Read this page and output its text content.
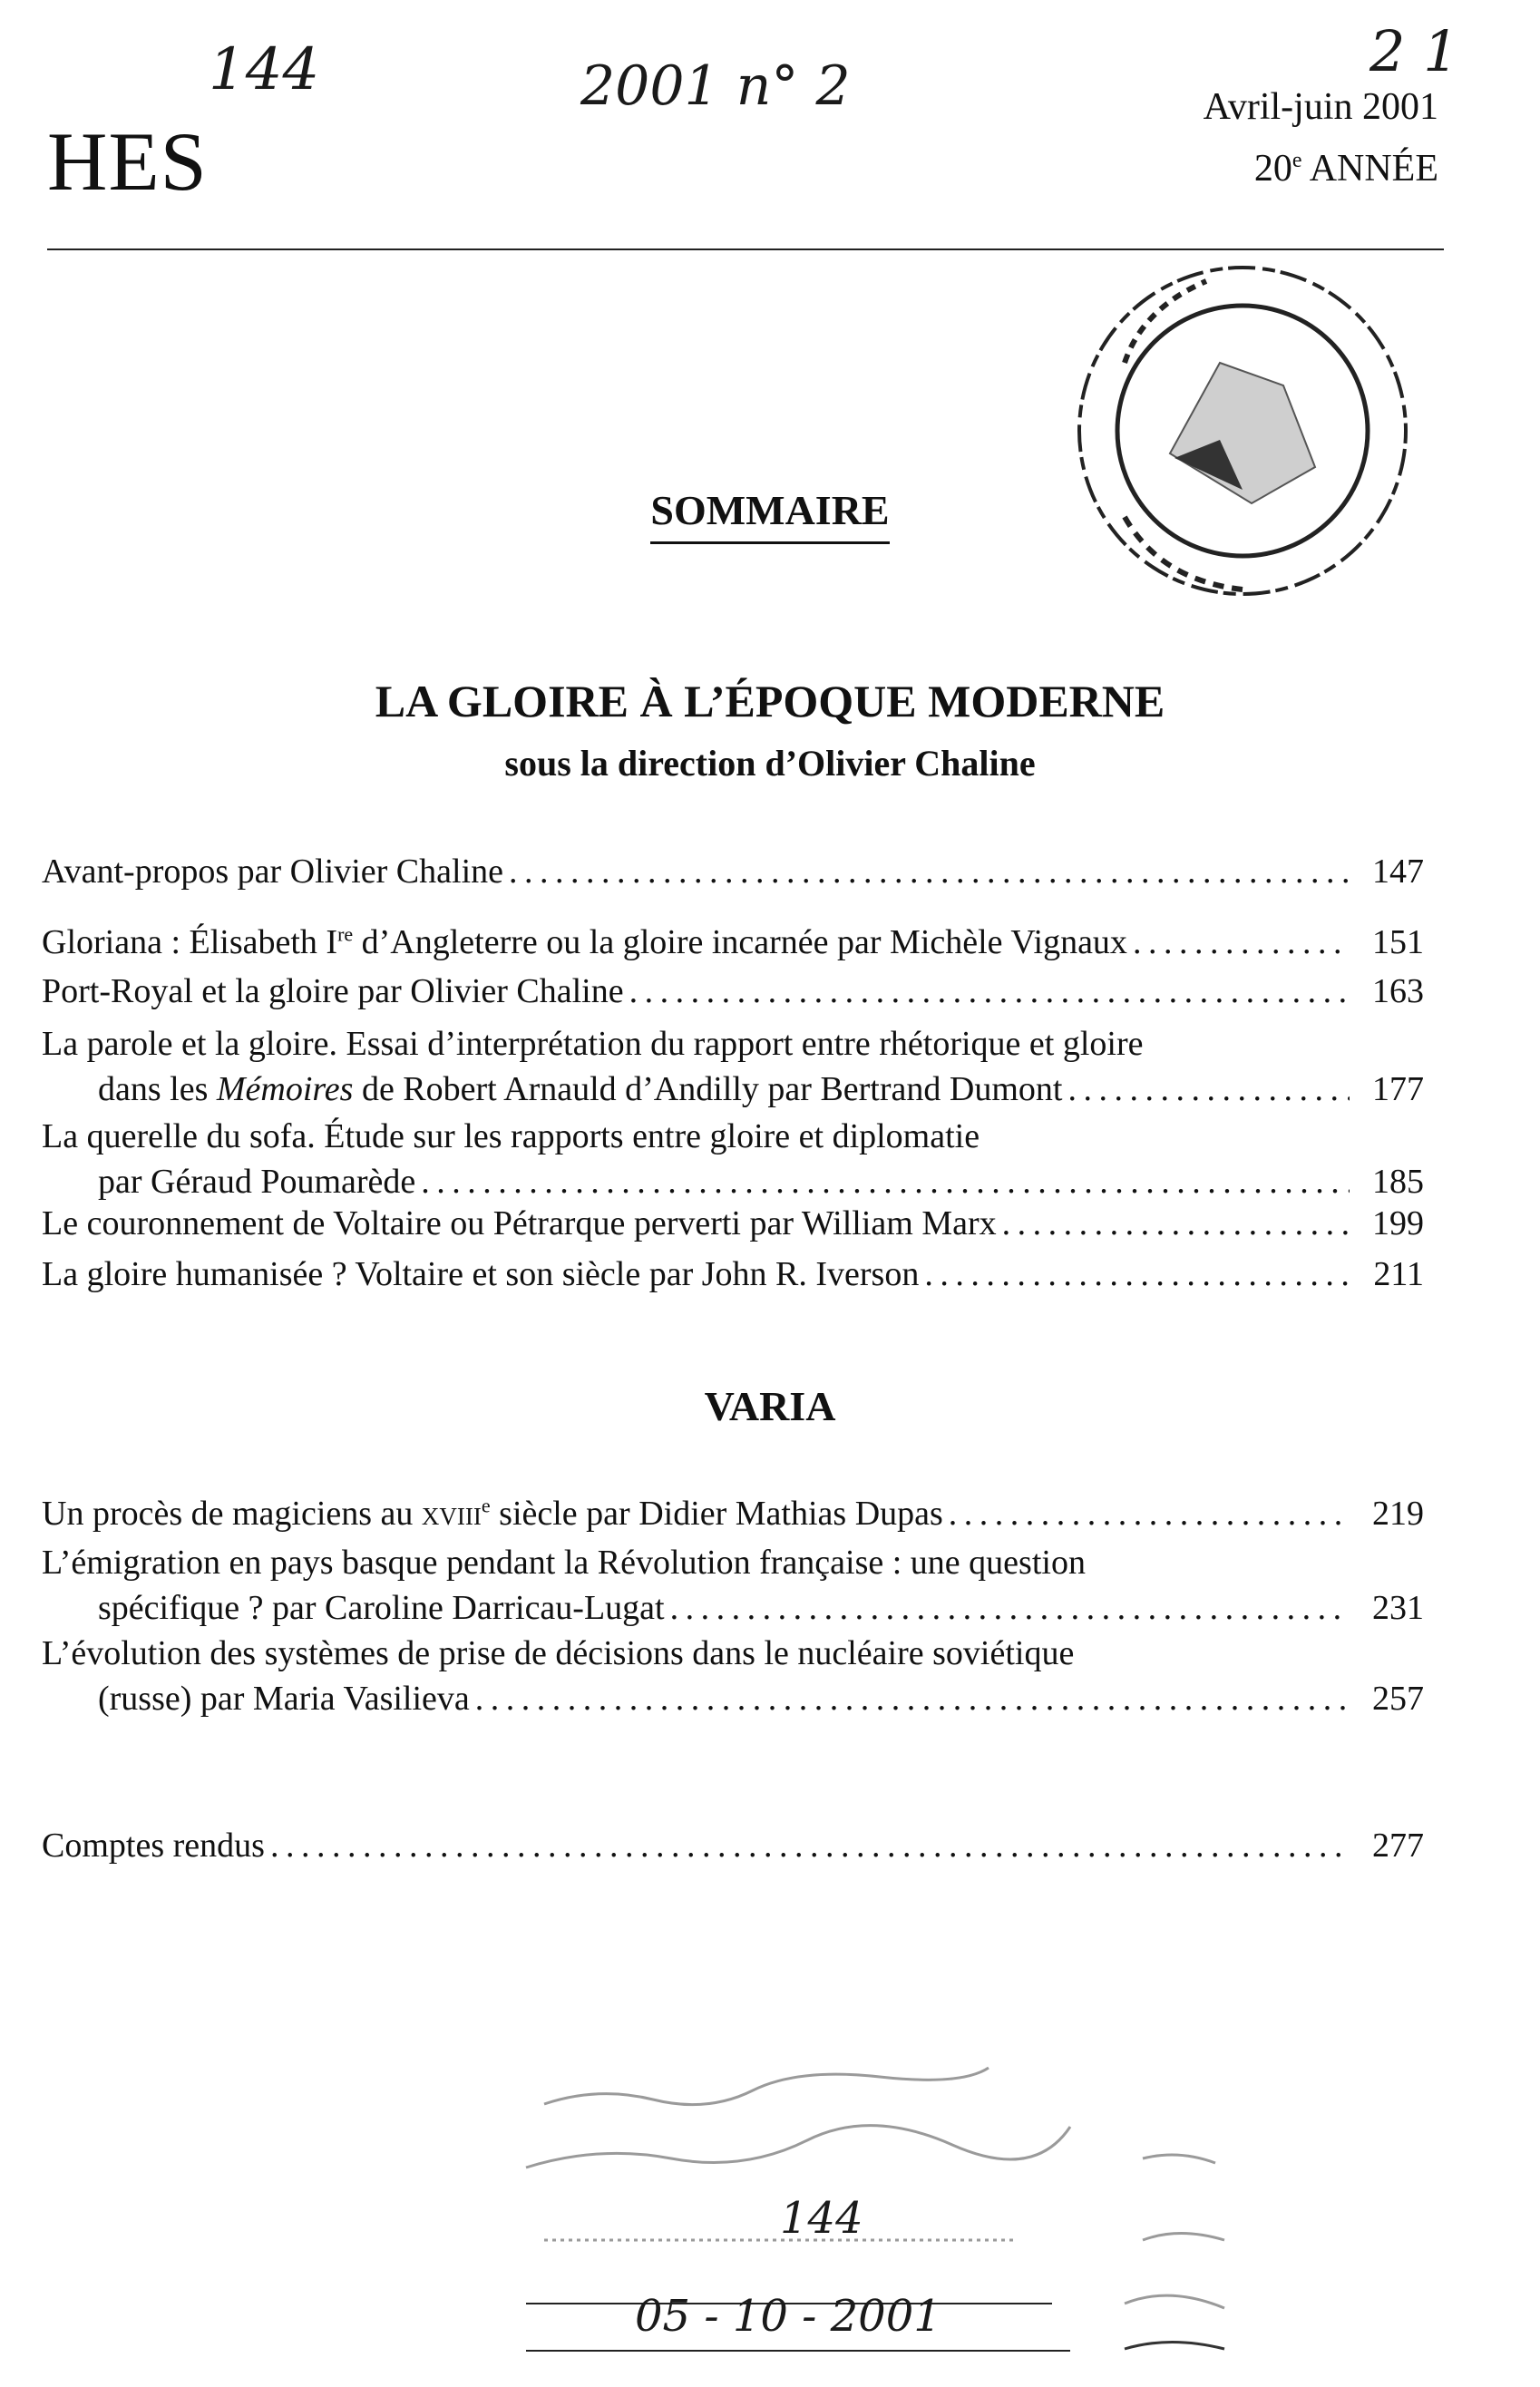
144	2001 n° 2
2 1
HES
Avril-juin 2001
20e ANNÉE
SOMMAIRE
LA GLOIRE À L’ÉPOQUE MODERNE
sous la direction d’Olivier Chaline
Avant-propos par Olivier Chaline . . .	147
Gloriana : Élisabeth Ire d’Angleterre ou la gloire incarnée par Michèle Vignaux . . .	151
Port-Royal et la gloire par Olivier Chaline . . .	163
La parole et la gloire. Essai d’interprétation du rapport entre rhétorique et gloire
dans les Mémoires de Robert Arnauld d’Andilly par Bertrand Dumont . . .	177
La querelle du sofa. Étude sur les rapports entre gloire et diplomatie
par Géraud Poumarède . . .	185
Le couronnement de Voltaire ou Pétrarque perverti par William Marx . . .	199
La gloire humanisée ? Voltaire et son siècle par John R. Iverson . . .	211
VARIA
Un procès de magiciens au xviii$^e$ siècle par Didier Mathias Dupas . . .	219
L’émigration en pays basque pendant la Révolution française : une question
spécifique ? par Caroline Darricau-Lugat . . .	231
L’évolution des systèmes de prise de décisions dans le nucléaire soviétique
(russe) par Maria Vasilieva . . .	257
Comptes rendus . . .	277
144
05 - 10 - 2001
